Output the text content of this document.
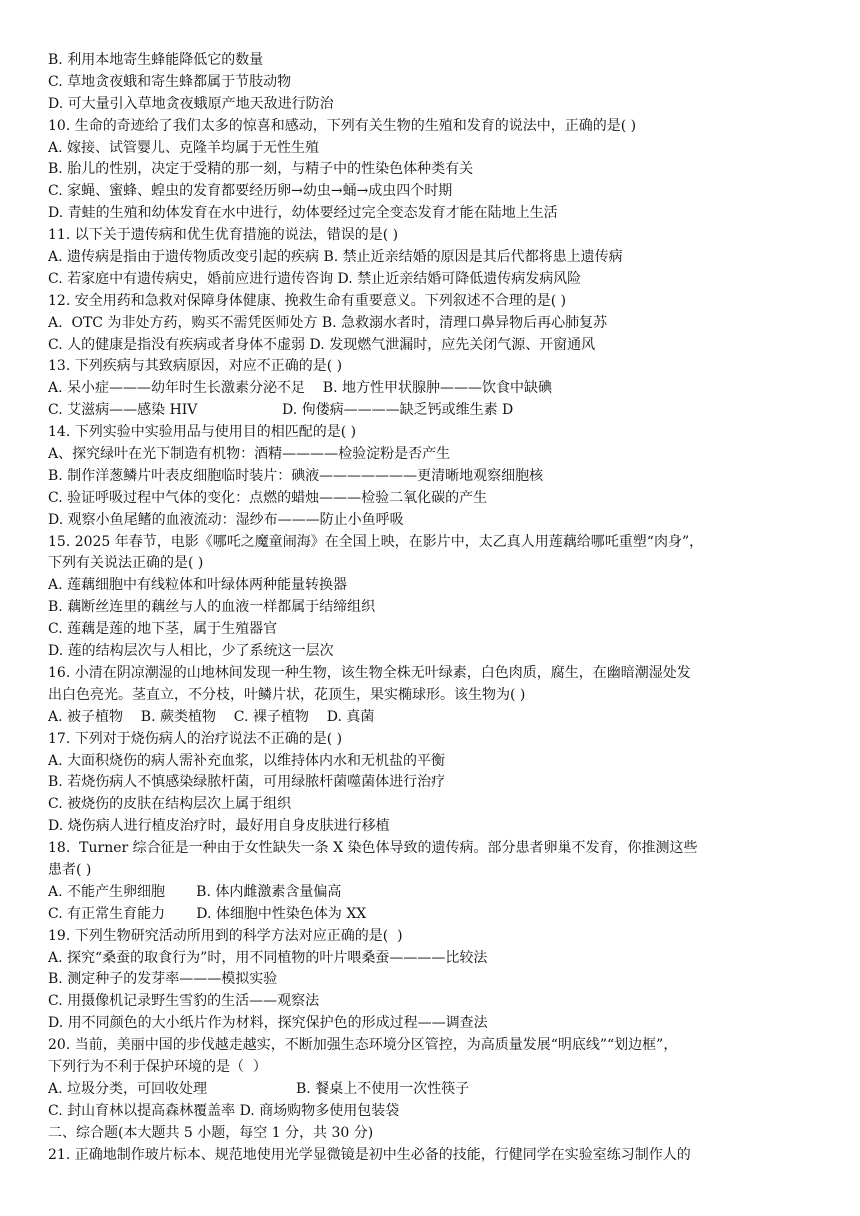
B. 利用本地寄生蜂能降低它的数量
C. 草地贪夜蛾和寄生蜂都属于节肢动物
D. 可大量引入草地贪夜蛾原产地天敌进行防治
10. 生命的奇迹给了我们太多的惊喜和感动，下列有关生物的生殖和发育的说法中，正确的是( )
A. 嫁接、试管婴儿、克隆羊均属于无性生殖
B. 胎儿的性别，决定于受精的那一刻，与精子中的性染色体种类有关
C. 家蝇、蜜蜂、蝗虫的发育都要经历卵→幼虫→蛹→成虫四个时期
D. 青蛙的生殖和幼体发育在水中进行，幼体要经过完全变态发育才能在陆地上生活
11. 以下关于遗传病和优生优育措施的说法，错误的是( )
A. 遗传病是指由于遗传物质改变引起的疾病 B. 禁止近亲结婚的原因是其后代都将患上遗传病
C. 若家庭中有遗传病史，婚前应进行遗传咨询 D. 禁止近亲结婚可降低遗传病发病风险
12. 安全用药和急救对保障身体健康、挽救生命有重要意义。下列叙述不合理的是( )
A.  OTC 为非处方药，购买不需凭医师处方 B. 急救溺水者时，清理口鼻异物后再心肺复苏
C. 人的健康是指没有疾病或者身体不虚弱 D. 发现燃气泄漏时，应先关闭气源、开窗通风
13. 下列疾病与其致病原因，对应不正确的是( )
A. 呆小症———幼年时生长激素分泌不足    B. 地方性甲状腺肿———饮食中缺碘
C. 艾滋病——感染 HIV                   D. 佝偻病————缺乏钙或维生素 D
14. 下列实验中实验用品与使用目的相匹配的是( )
A、探究绿叶在光下制造有机物：酒精————检验淀粉是否产生
B. 制作洋葱鳞片叶表皮细胞临时装片：碘液———————更清晰地观察细胞核
C. 验证呼吸过程中气体的变化：点燃的蜡烛———检验二氧化碳的产生
D. 观察小鱼尾鳍的血液流动：湿纱布———防止小鱼呼吸
15. 2025 年春节，电影《哪吒之魔童闹海》在全国上映，在影片中，太乙真人用莲藕给哪吒重塑“肉身”，
下列有关说法正确的是( )
A. 莲藕细胞中有线粒体和叶绿体两种能量转换器
B. 藕断丝连里的藕丝与人的血液一样都属于结缔组织
C. 莲藕是莲的地下茎，属于生殖器官
D. 莲的结构层次与人相比，少了系统这一层次
16. 小清在阴凉潮湿的山地林间发现一种生物，该生物全株无叶绿素，白色肉质，腐生，在幽暗潮湿处发
出白色亮光。茎直立，不分枝，叶鳞片状，花顶生，果实椭球形。该生物为( )
A. 被子植物    B. 蕨类植物    C. 裸子植物    D. 真菌
17. 下列对于烧伤病人的治疗说法不正确的是( )
A. 大面积烧伤的病人需补充血浆，以维持体内水和无机盐的平衡
B. 若烧伤病人不慎感染绿脓杆菌，可用绿脓杆菌噬菌体进行治疗
C. 被烧伤的皮肤在结构层次上属于组织
D. 烧伤病人进行植皮治疗时，最好用自身皮肤进行移植
18.  Turner 综合征是一种由于女性缺失一条 X 染色体导致的遗传病。部分患者卵巢不发育，你推测这些
患者( )
A. 不能产生卵细胞       B. 体内雌激素含量偏高
C. 有正常生育能力       D. 体细胞中性染色体为 XX
19. 下列生物研究活动所用到的科学方法对应正确的是(  )
A. 探究“桑蚕的取食行为”时，用不同植物的叶片喂桑蚕————比较法
B. 测定种子的发芽率———模拟实验
C. 用摄像机记录野生雪豹的生活——观察法
D. 用不同颜色的大小纸片作为材料，探究保护色的形成过程——调查法
20. 当前，美丽中国的步伐越走越实，不断加强生态环境分区管控，为高质量发展“明底线”“划边框”，
下列行为不利于保护环境的是（  ）
A. 垃圾分类，可回收处理                    B. 餐桌上不使用一次性筷子
C. 封山育林以提高森林覆盖率 D. 商场购物多使用包装袋
二、综合题(本大题共 5 小题，每空 1 分，共 30 分)
21. 正确地制作玻片标本、规范地使用光学显微镜是初中生必备的技能，行健同学在实验室练习制作人的
